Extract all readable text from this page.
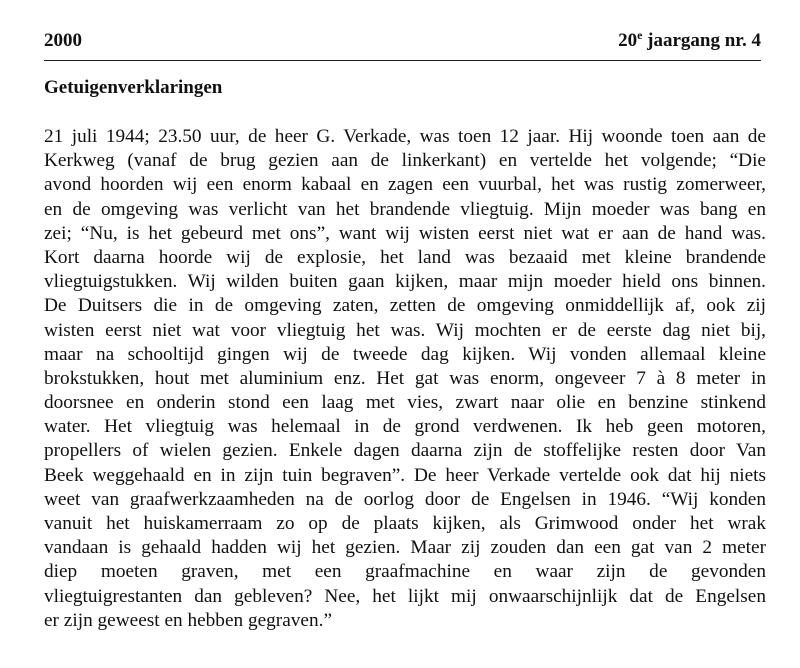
2000	20e jaargang nr. 4
Getuigenverklaringen
21 juli 1944; 23.50 uur, de heer G. Verkade, was toen 12 jaar. Hij woonde toen aan de
Kerkweg (vanaf de brug gezien aan de linkerkant) en vertelde het volgende; “Die
avond hoorden wij een enorm kabaal en zagen een vuurbal, het was rustig zomerweer,
en de omgeving was verlicht van het brandende vliegtuig. Mijn moeder was bang en
zei; “Nu, is het gebeurd met ons”, want wij wisten eerst niet wat er aan de hand was.
Kort daarna hoorde wij de explosie, het land was bezaaid met kleine brandende
vliegtuigstukken. Wij wilden buiten gaan kijken, maar mijn moeder hield ons binnen.
De Duitsers die in de omgeving zaten, zetten de omgeving onmiddellijk af, ook zij
wisten eerst niet wat voor vliegtuig het was. Wij mochten er de eerste dag niet bij,
maar na schooltijd gingen wij de tweede dag kijken. Wij vonden allemaal kleine
brokstukken, hout met aluminium enz. Het gat was enorm, ongeveer 7 à 8 meter in
doorsnee en onderin stond een laag met vies, zwart naar olie en benzine stinkend
water. Het vliegtuig was helemaal in de grond verdwenen. Ik heb geen motoren,
propellers of wielen gezien. Enkele dagen daarna zijn de stoffelijke resten door Van
Beek weggehaald en in zijn tuin begraven”. De heer Verkade vertelde ook dat hij niets
weet van graafwerkzaamheden na de oorlog door de Engelsen in 1946. “Wij konden
vanuit het huiskamerraam zo op de plaats kijken, als Grimwood onder het wrak
vandaan is gehaald hadden wij het gezien. Maar zij zouden dan een gat van 2 meter
diep moeten graven, met een graafmachine en waar zijn de gevonden
vliegtuigrestanten dan gebleven? Nee, het lijkt mij onwaarschijnlijk dat de Engelsen
er zijn geweest en hebben gegraven.”
